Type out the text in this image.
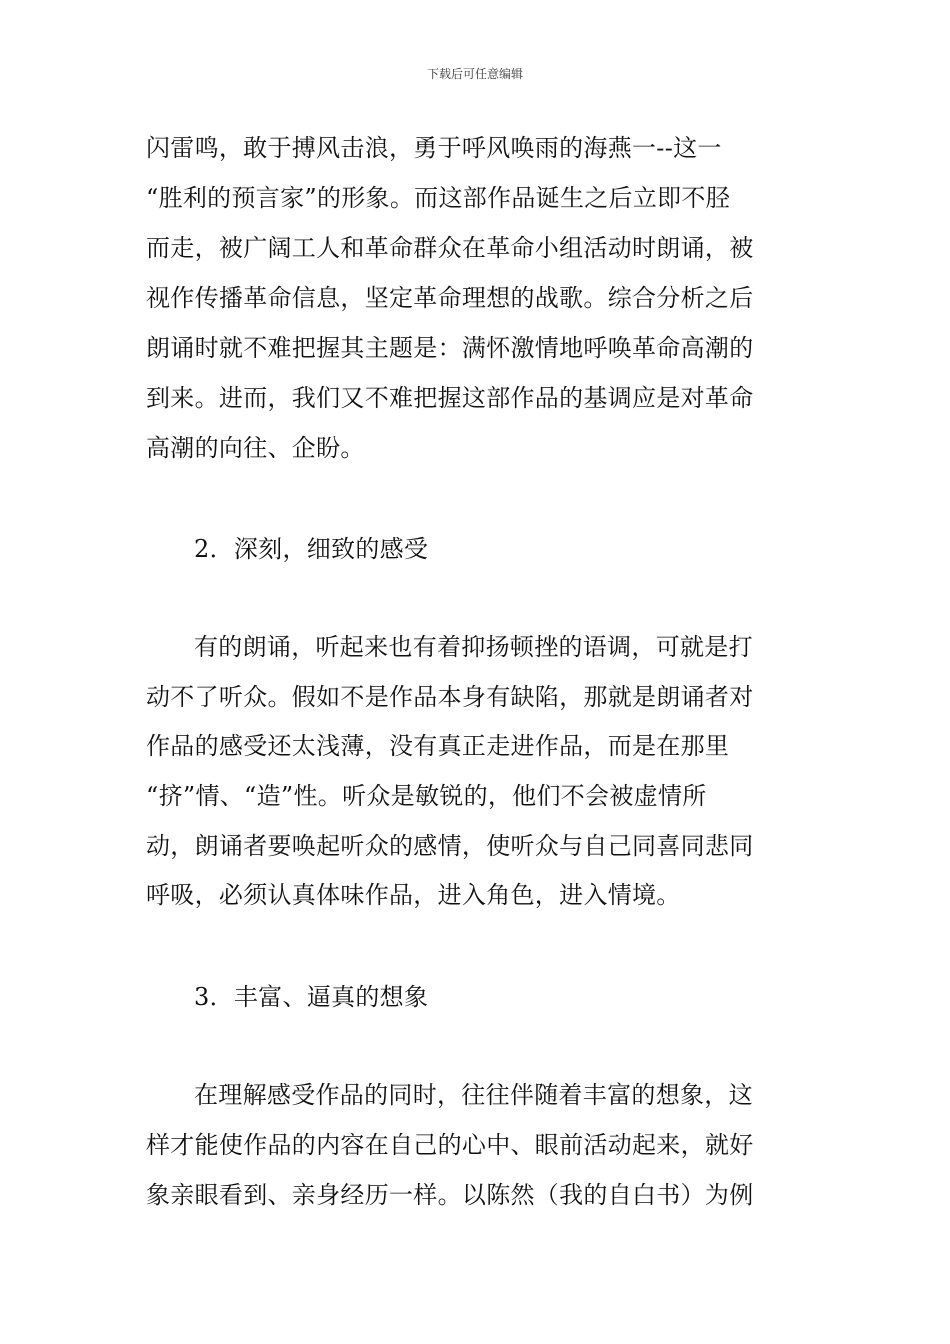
下载后可任意编辑
闪雷鸣，敢于搏风击浪，勇于呼风唤雨的海燕一--这一
“胜利的预言家”的形象。而这部作品诞生之后立即不胫
而走，被广阔工人和革命群众在革命小组活动时朗诵，被
视作传播革命信息，坚定革命理想的战歌。综合分析之后
朗诵时就不难把握其主题是：满怀激情地呼唤革命高潮的
到来。进而，我们又不难把握这部作品的基调应是对革命
高潮的向往、企盼。
2．深刻，细致的感受
有的朗诵，听起来也有着抑扬顿挫的语调，可就是打
动不了听众。假如不是作品本身有缺陷，那就是朗诵者对
作品的感受还太浅薄，没有真正走进作品，而是在那里
“挤”情、“造”性。听众是敏锐的，他们不会被虚情所
动，朗诵者要唤起听众的感情，使听众与自己同喜同悲同
呼吸，必须认真体味作品，进入角色，进入情境。
3．丰富、逼真的想象
在理解感受作品的同时，往往伴随着丰富的想象，这
样才能使作品的内容在自己的心中、眼前活动起来，就好
象亲眼看到、亲身经历一样。以陈然（我的自白书）为例
